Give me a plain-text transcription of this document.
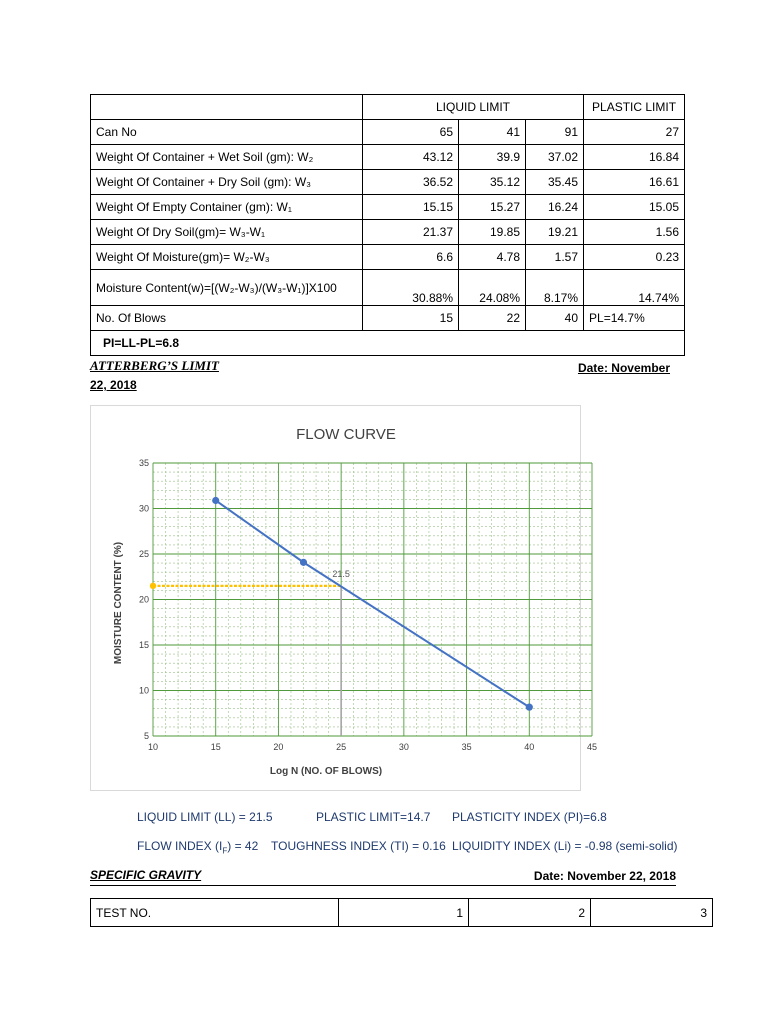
	LIQUID LIMIT			PLASTIC LIMIT
Can No	65	41	91	27
Weight Of Container + Wet Soil (gm): W₂	43.12	39.9	37.02	16.84
Weight Of Container + Dry Soil (gm): W₃	36.52	35.12	35.45	16.61
Weight Of Empty Container (gm): W₁	15.15	15.27	16.24	15.05
Weight Of Dry Soil(gm)= W₃-W₁	21.37	19.85	19.21	1.56
Weight Of Moisture(gm)= W₂-W₃	6.6	4.78	1.57	0.23
Moisture Content(w)=[(W₂-W₃)/(W₃-W₁)]X100	30.88%	24.08%	8.17%	14.74%
No. Of Blows	15	22	40	PL=14.7%
PI=LL-PL=6.8				
ATTERBERG’S LIMIT	Date: November
22, 2018
FLOW CURVE
10	15	20	25	30	35	40	45
5
10
15
20
25
30
35
21.5
Log N (NO. OF BLOWS)
MOISTURE CONTENT (%)
LIQUID LIMIT (LL) = 21.5	PLASTIC LIMIT=14.7 PLASTICITY INDEX (PI)=6.8
FLOW INDEX $(I_F) = 42$ TOUGHNESS INDEX (TI) = 0.16 LIQUIDITY INDEX (Li) = -0.98 (semi-solid)
SPECIFIC GRAVITY	Date: November 22, 2018
TEST NO.	1	2	3
